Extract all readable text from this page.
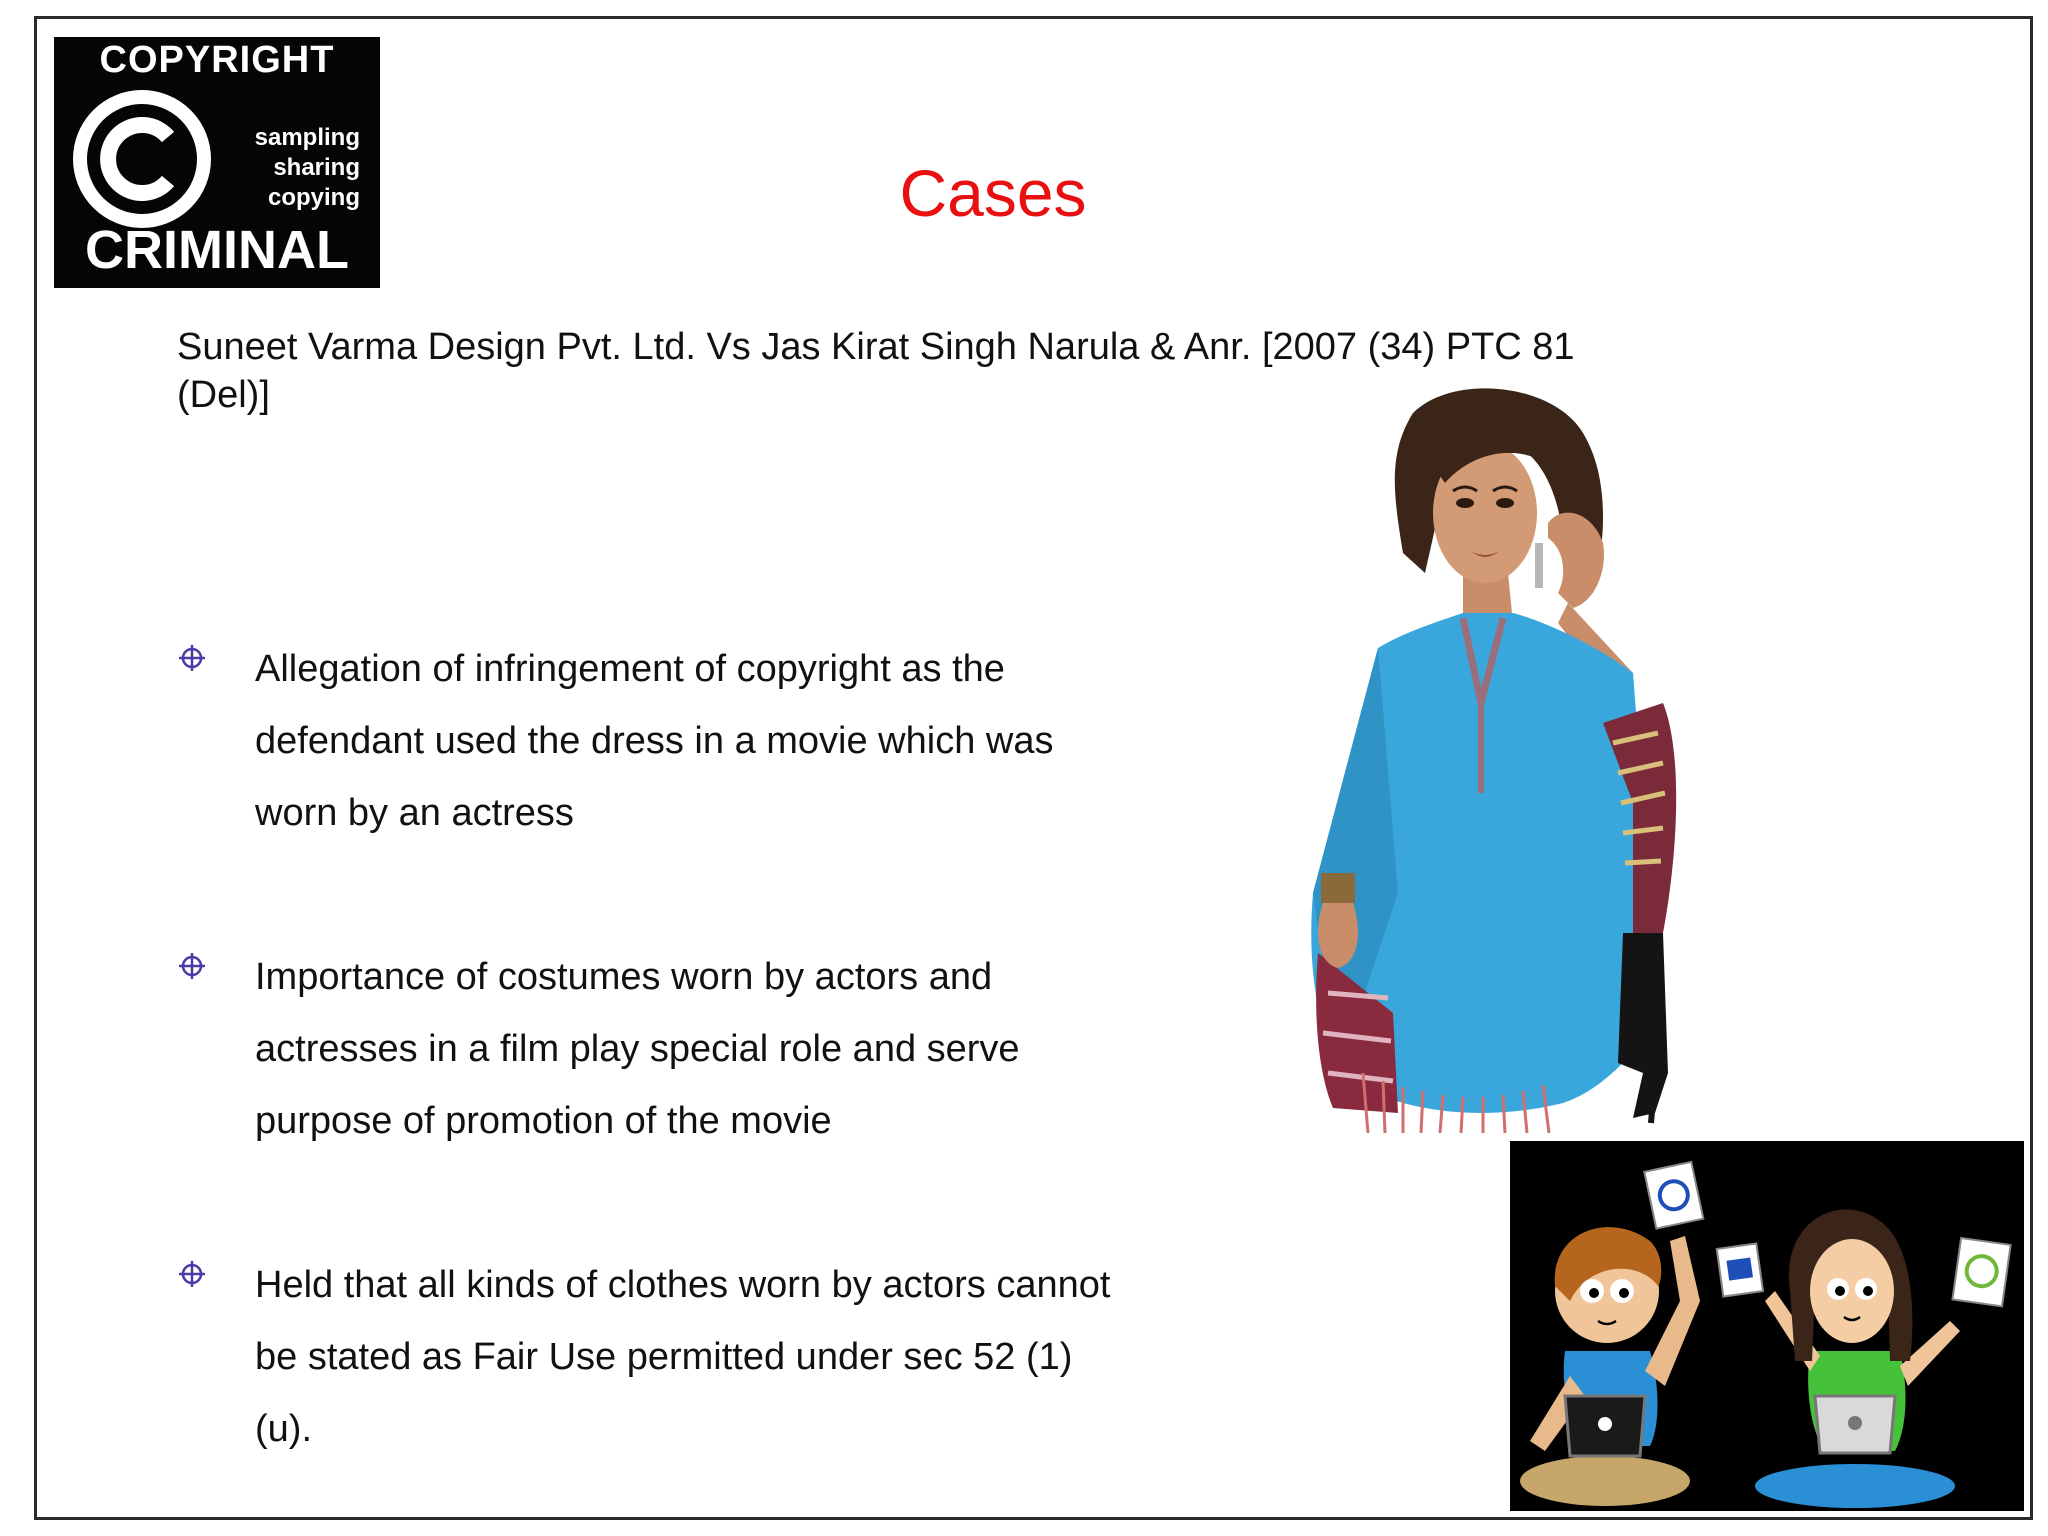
COPYRIGHT
sampling
sharing
copying
CRIMINAL
Cases
Suneet Varma Design Pvt. Ltd. Vs Jas Kirat Singh Narula & Anr. [2007 (34) PTC 81
(Del)]
Allegation of infringement of copyright as the
defendant used the dress in a movie which was
worn by an actress
Importance of costumes worn by actors and
actresses in a film play special role and serve
purpose of promotion of the movie
Held that all kinds of clothes worn by actors cannot
be stated as Fair Use permitted under sec 52 (1)
(u).
